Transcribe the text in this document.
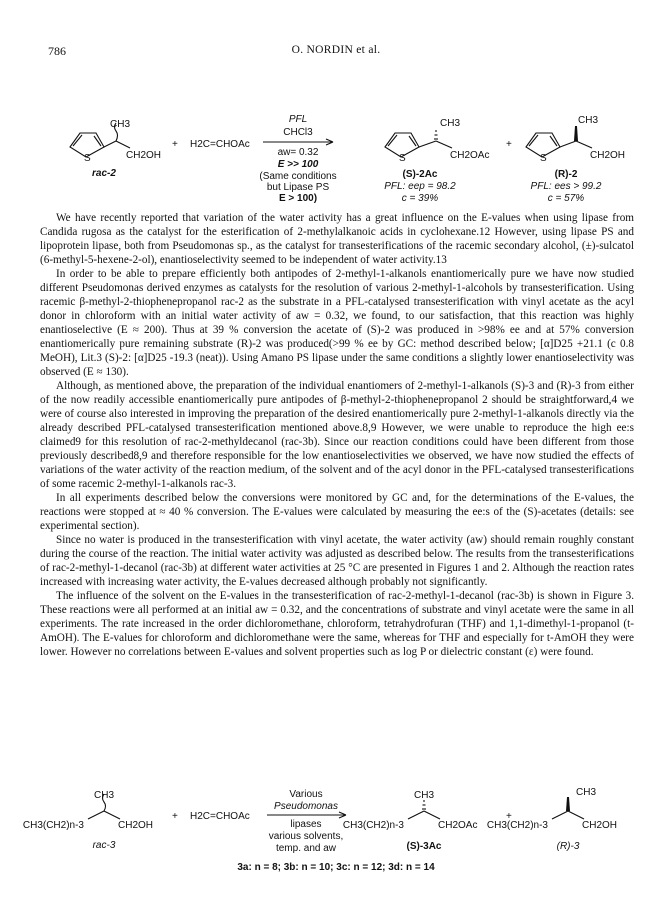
786	O. NORDIN et al.
S	S	S
CH3
CH2OH
rac-2
+ H2C=CHOAc
PFL
CHCl3
aw= 0.32
E >> 100
(Same conditions
but Lipase PS
E > 100)
CH3
CH2OAc
(S)-2Ac
PFL: eep = 98.2
c = 39%
+
CH3
CH2OH
(R)-2
PFL: ees > 99.2
c = 57%

We have recently reported that variation of the water activity has a great influence on the E-values when using lipase from Candida rugosa as the catalyst for the esterification of 2-methylalkanoic acids in cyclohexane.12 However, using lipase PS and lipoprotein lipase, both from Pseudomonas sp., as the catalyst for transesterifications of the racemic secondary alcohol, (±)-sulcatol (6-methyl-5-hexene-2-ol), enantioselectivity seemed to be independent of water activity.13

In order to be able to prepare efficiently both antipodes of 2-methyl-1-alkanols enantiomerically pure we have now studied different Pseudomonas derived enzymes as catalysts for the resolution of various 2-methyl-1-alcohols by transesterification. Using racemic β-methyl-2-thiophenepropanol rac-2 as the substrate in a PFL-catalysed transesterification with vinyl acetate as the acyl donor in chloroform with an initial water activity of aw = 0.32, we found, to our satisfaction, that this reaction was highly enantioselective (E ≈ 200). Thus at 39 % conversion the acetate of (S)-2 was produced in >98% ee and at 57% conversion enantiomerically pure remaining substrate (R)-2 was produced(>99 % ee by GC: method described below; [α]D25 +21.1 (c 0.8 MeOH), Lit.3 (S)-2: [α]D25 -19.3 (neat)). Using Amano PS lipase under the same conditions a slightly lower enantioselectivity was observed (E ≈ 130).

Although, as mentioned above, the preparation of the individual enantiomers of 2-methyl-1-alkanols (S)-3 and (R)-3 from either of the now readily accessible enantiomerically pure antipodes of β-methyl-2-thiophenepropanol 2 should be straightforward,4 we were of course also interested in improving the preparation of the desired enantiomerically pure 2-methyl-1-alkanols directly via the already described PFL-catalysed transesterification mentioned above.8,9 However, we were unable to reproduce the high ee:s claimed9 for this resolution of rac-2-methyldecanol (rac-3b). Since our reaction conditions could have been different from those previously described8,9 and therefore responsible for the low enantioselectivities we observed, we have now studied the effects of variations of the water activity of the reaction medium, of the solvent and of the acyl donor in the PFL-catalysed transesterifications of some racemic 2-methyl-1-alkanols rac-3.

In all experiments described below the conversions were monitored by GC and, for the determinations of the E-values, the reactions were stopped at ≈ 40 % conversion. The E-values were calculated by measuring the ee:s of the (S)-acetates (details: see experimental section).

Since no water is produced in the transesterification with vinyl acetate, the water activity (aw) should remain roughly constant during the course of the reaction. The initial water activity was adjusted as described below. The results from the transesterifications of rac-2-methyl-1-decanol (rac-3b) at different water activities at 25 °C are presented in Figures 1 and 2. Although the reaction rates increased with increasing water activity, the E-values decreased although probably not significantly.

The influence of the solvent on the E-values in the transesterification of rac-2-methyl-1-decanol (rac-3b) is shown in Figure 3. These reactions were all performed at an initial aw = 0.32, and the concentrations of substrate and vinyl acetate were the same in all experiments. The rate increased in the order dichloromethane, chloroform, tetrahydrofuran (THF) and 1,1-dimethyl-1-propanol (t-AmOH). The E-values for chloroform and dichloromethane were the same, whereas for THF and especially for t-AmOH they were lower. However no correlations between E-values and solvent properties such as log P or dielectric constant (ε) were found.

CH3
CH3(CH2)n-3	CH2OH
rac-3
+ H2C=CHOAc
Various
Pseudomonas
lipases
various solvents,
temp. and aw
CH3
CH3(CH2)n-3	CH2OAc
(S)-3Ac
+
CH3
CH3(CH2)n-3	CH2OH
(R)-3
3a: n = 8; 3b: n = 10; 3c: n = 12; 3d: n = 14
